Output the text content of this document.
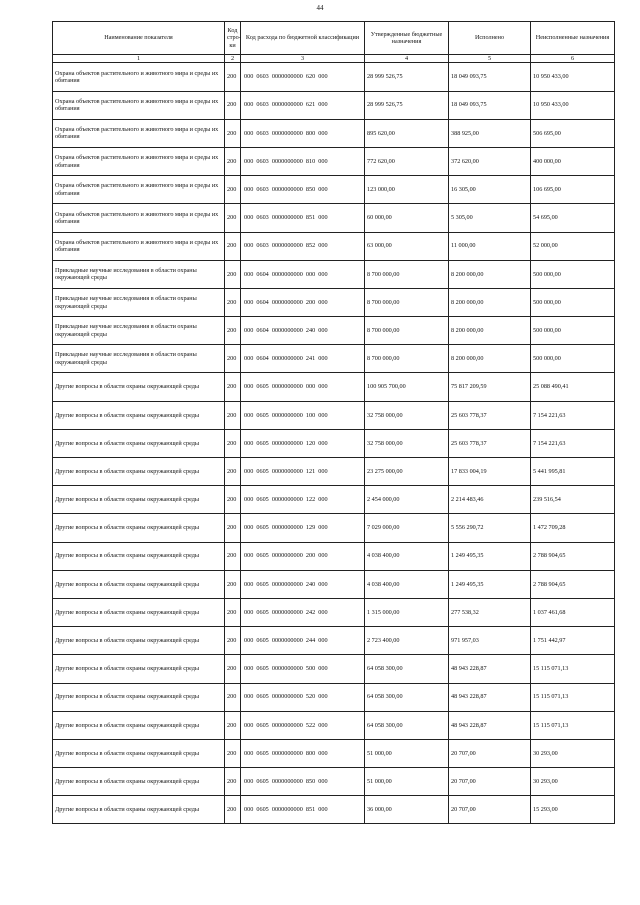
44
Наименование показателя	Код стро-ки	Код расхода по бюджетной классификации	Утвержденные бюджетные назначения	Исполнено	Неисполненные назначения
1	2	3	4	5	6
Охрана объектов растительного и животного мира и среды их обитания	200	000  0603  0000000000  620  000	28 999 526,75	18 049 093,75	10 950 433,00
Охрана объектов растительного и животного мира и среды их обитания	200	000  0603  0000000000  621  000	28 999 526,75	18 049 093,75	10 950 433,00
Охрана объектов растительного и животного мира и среды их обитания	200	000  0603  0000000000  800  000	895 620,00	388 925,00	506 695,00
Охрана объектов растительного и животного мира и среды их обитания	200	000  0603  0000000000  810  000	772 620,00	372 620,00	400 000,00
Охрана объектов растительного и животного мира и среды их обитания	200	000  0603  0000000000  850  000	123 000,00	16 305,00	106 695,00
Охрана объектов растительного и животного мира и среды их обитания	200	000  0603  0000000000  851  000	60 000,00	5 305,00	54 695,00
Охрана объектов растительного и животного мира и среды их обитания	200	000  0603  0000000000  852  000	63 000,00	11 000,00	52 000,00
Прикладные научные исследования в области охраны окружающей среды	200	000  0604  0000000000  000  000	8 700 000,00	8 200 000,00	500 000,00
Прикладные научные исследования в области охраны окружающей среды	200	000  0604  0000000000  200  000	8 700 000,00	8 200 000,00	500 000,00
Прикладные научные исследования в области охраны окружающей среды	200	000  0604  0000000000  240  000	8 700 000,00	8 200 000,00	500 000,00
Прикладные научные исследования в области охраны окружающей среды	200	000  0604  0000000000  241  000	8 700 000,00	8 200 000,00	500 000,00
Другие вопросы в области охраны окружающей среды	200	000  0605  0000000000  000  000	100 905 700,00	75 817 209,59	25 088 490,41
Другие вопросы в области охраны окружающей среды	200	000  0605  0000000000  100  000	32 758 000,00	25 603 778,37	7 154 221,63
Другие вопросы в области охраны окружающей среды	200	000  0605  0000000000  120  000	32 758 000,00	25 603 778,37	7 154 221,63
Другие вопросы в области охраны окружающей среды	200	000  0605  0000000000  121  000	23 275 000,00	17 833 004,19	5 441 995,81
Другие вопросы в области охраны окружающей среды	200	000  0605  0000000000  122  000	2 454 000,00	2 214 483,46	239 516,54
Другие вопросы в области охраны окружающей среды	200	000  0605  0000000000  129  000	7 029 000,00	5 556 290,72	1 472 709,28
Другие вопросы в области охраны окружающей среды	200	000  0605  0000000000  200  000	4 038 400,00	1 249 495,35	2 788 904,65
Другие вопросы в области охраны окружающей среды	200	000  0605  0000000000  240  000	4 038 400,00	1 249 495,35	2 788 904,65
Другие вопросы в области охраны окружающей среды	200	000  0605  0000000000  242  000	1 315 000,00	277 538,32	1 037 461,68
Другие вопросы в области охраны окружающей среды	200	000  0605  0000000000  244  000	2 723 400,00	971 957,03	1 751 442,97
Другие вопросы в области охраны окружающей среды	200	000  0605  0000000000  500  000	64 058 300,00	48 943 228,87	15 115 071,13
Другие вопросы в области охраны окружающей среды	200	000  0605  0000000000  520  000	64 058 300,00	48 943 228,87	15 115 071,13
Другие вопросы в области охраны окружающей среды	200	000  0605  0000000000  522  000	64 058 300,00	48 943 228,87	15 115 071,13
Другие вопросы в области охраны окружающей среды	200	000  0605  0000000000  800  000	51 000,00	20 707,00	30 293,00
Другие вопросы в области охраны окружающей среды	200	000  0605  0000000000  850  000	51 000,00	20 707,00	30 293,00
Другие вопросы в области охраны окружающей среды	200	000  0605  0000000000  851  000	36 000,00	20 707,00	15 293,00
